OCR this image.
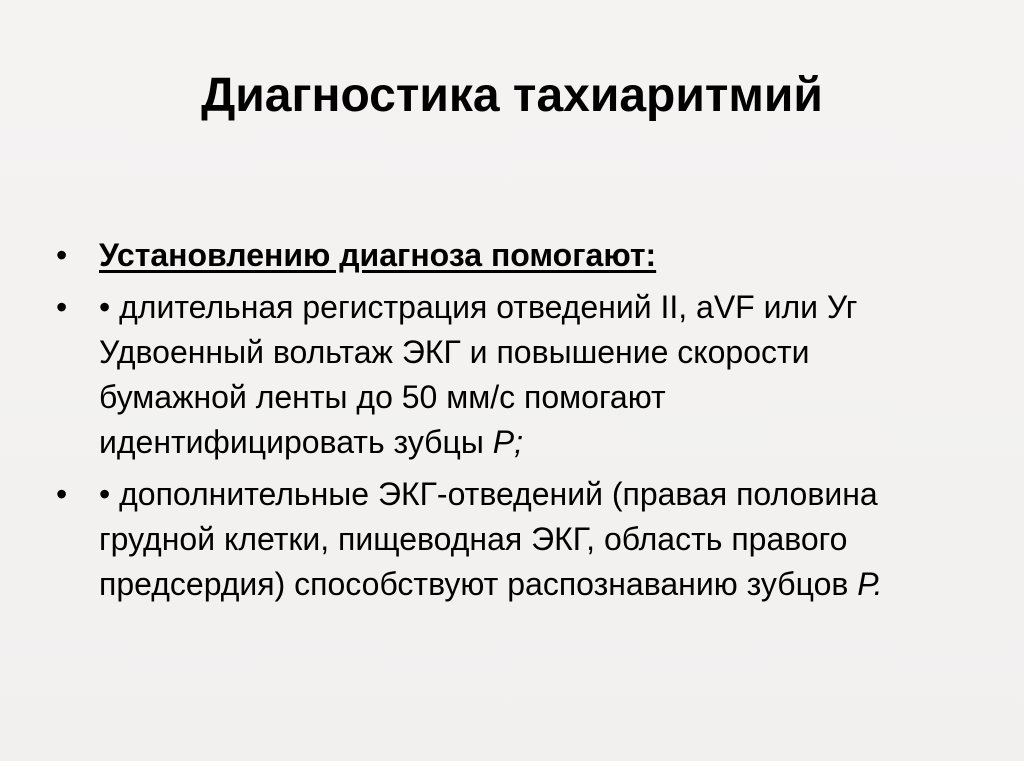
Диагностика тахиаритмий
• Установлению диагноза помогают:
• • длительная регистрация отведений II, aVF или Уг Удвоенный вольтаж ЭКГ и повышение скорости бумажной ленты до 50 мм/с помогают идентифицировать зубцы P;
• • дополнительные ЭКГ-отведений (правая половина грудной клетки, пищеводная ЭКГ, область правого предсердия) способствуют распознаванию зубцов Р.
